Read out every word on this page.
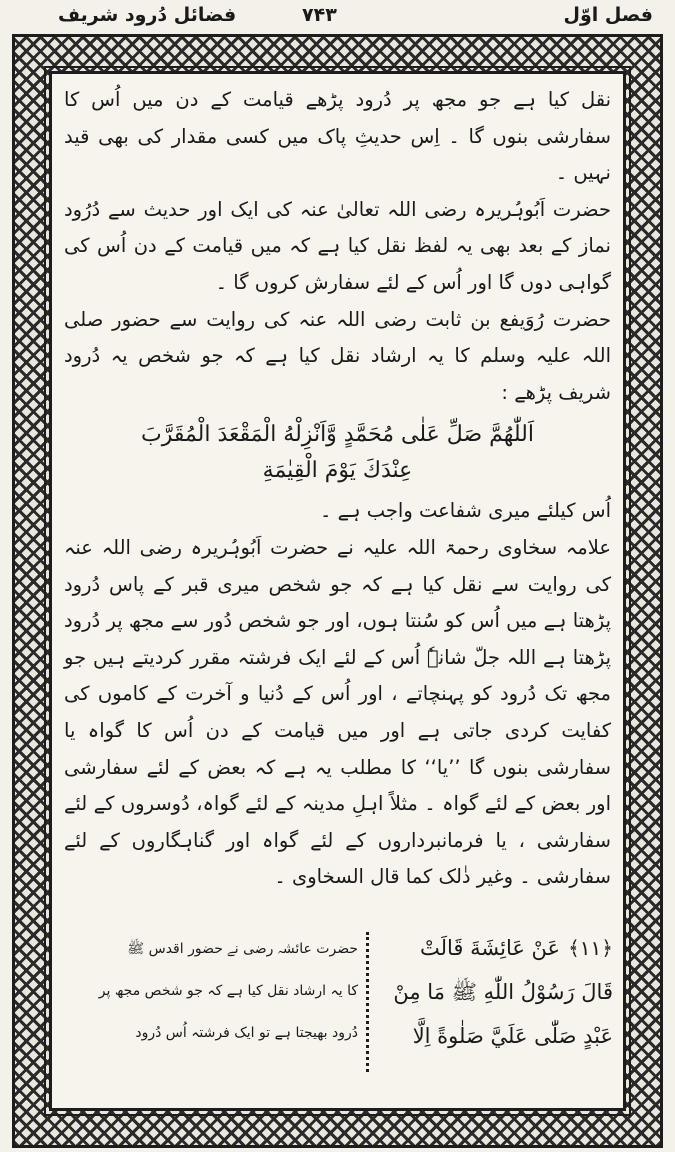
فصل اوّل
۷۴۳
فضائل دُرود شریف

نقل کیا ہے جو مجھ پر دُرود پڑھے قیامت کے دن میں اُس کا سفارشی بنوں گا ۔ اِس حدیثِ پاک میں کسی مقدار کی بھی قید نہیں ۔

حضرت اَبُوہُریرہ رضی اللہ تعالیٰ عنہ کی ایک اور حدیث سے دُرُود نماز کے بعد بھی یہ لفظ نقل کیا ہے کہ میں قیامت کے دن اُس کی گواہی دوں گا اور اُس کے لئے سفارش کروں گا ۔

حضرت رُوَیفع بن ثابت رضی اللہ عنہ کی روایت سے حضور صلی اللہ علیہ وسلم کا یہ ارشاد نقل کیا ہے کہ جو شخص یہ دُرود شریف پڑھے :

اَللّٰهُمَّ صَلِّ عَلٰی مُحَمَّدٍ وَّاَنْزِلْهُ الْمَقْعَدَ الْمُقَرَّبَ
عِنْدَكَ يَوْمَ الْقِيٰمَةِ

اُس کیلئے میری شفاعت واجب ہے ۔

علامہ سخاوی رحمۃ اللہ علیہ نے حضرت اَبُوہُریرہ رضی اللہ عنہ کی روایت سے نقل کیا ہے کہ جو شخص میری قبر کے پاس دُرود پڑھتا ہے میں اُس کو سُنتا ہوں، اور جو شخص دُور سے مجھ پر دُرود پڑھتا ہے اللہ جلّ شانہٗ اُس کے لئے ایک فرشتہ مقرر کردیتے ہیں جو مجھ تک دُرود کو پہنچاتے ، اور اُس کے دُنیا و آخرت کے کاموں کی کفایت کردی جاتی ہے اور میں قیامت کے دن اُس کا گواہ یا سفارشی بنوں گا ’’یا‘‘ کا مطلب یہ ہے کہ بعض کے لئے سفارشی اور بعض کے لئے گواہ ۔ مثلاً اہلِ مدینہ کے لئے گواہ، دُوسروں کے لئے سفارشی ، یا فرمانبرداروں کے لئے گواہ اور گناہگاروں کے لئے سفارشی ۔ وغیر ذٰلک كما قال السخاوی ۔

﴿۱۱﴾عَنْ عَائِشَةَ قَالَتْ
قَالَ رَسُوْلُ اللّٰهِ ﷺ مَا مِنْ
عَبْدٍ صَلّٰى عَلَيَّ صَلٰوةً اِلَّا
حضرت عائشہ رضی نے حضور اقدس ﷺ
کا یہ ارشاد نقل کیا ہے کہ جو شخص مجھ پر
دُرود بھیجتا ہے تو ایک فرشتہ اُس دُرود
